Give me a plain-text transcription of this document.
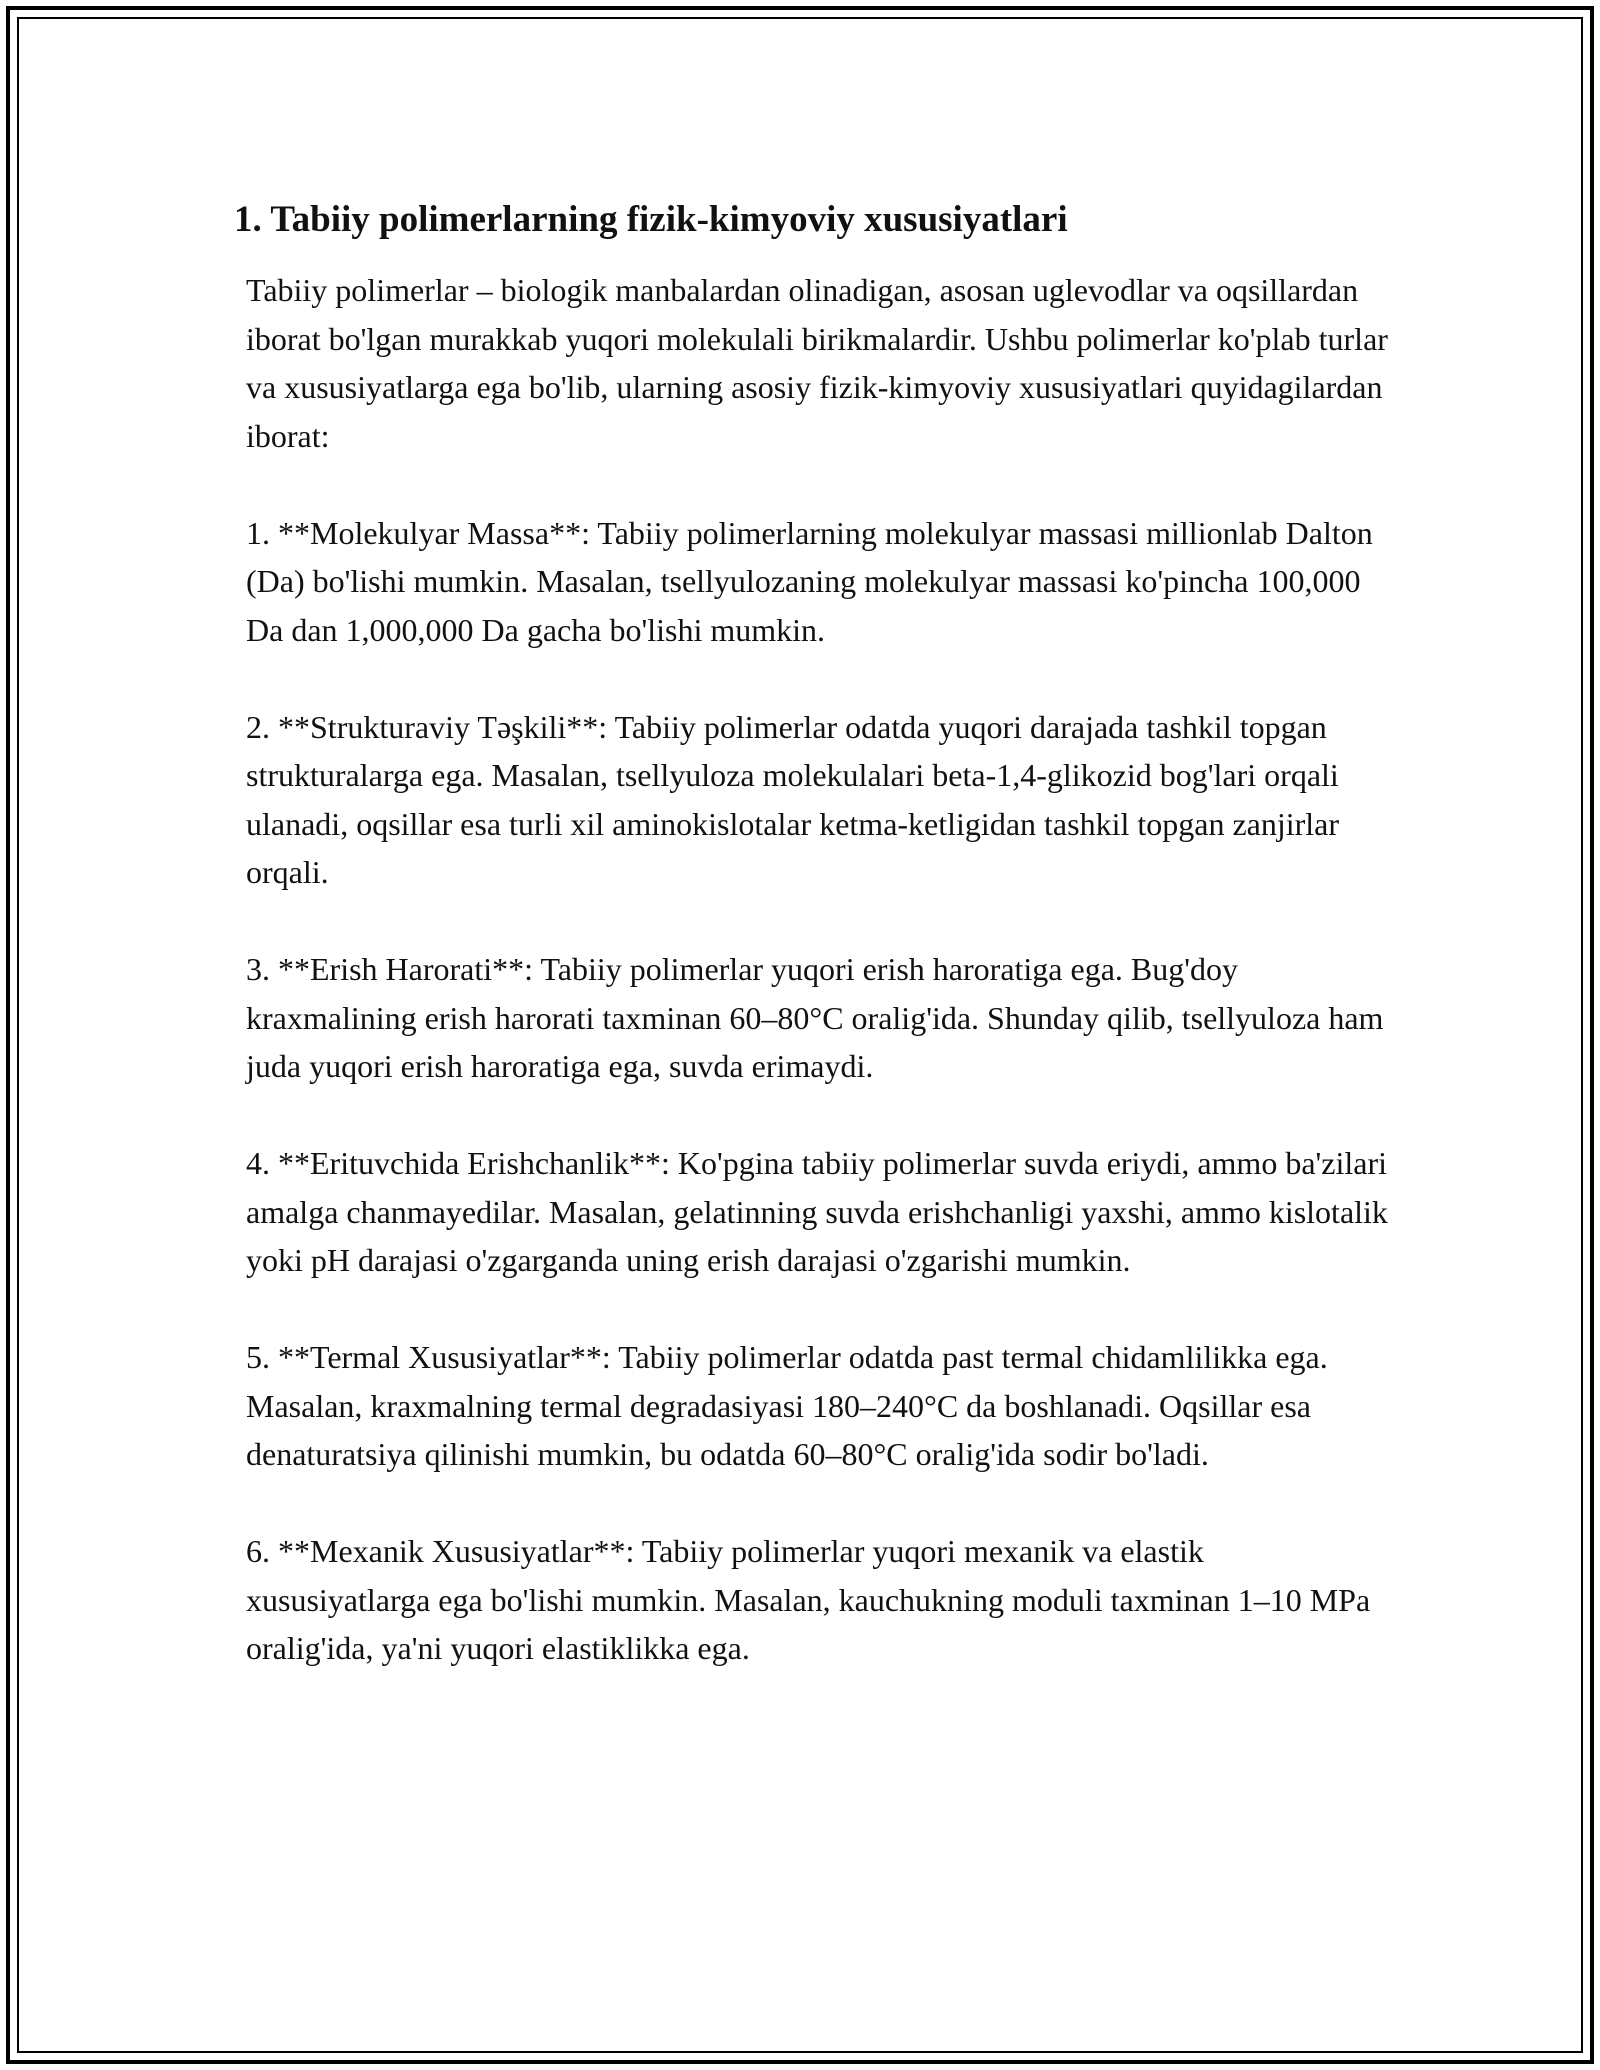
1. Tabiiy polimerlarning fizik-kimyoviy xususiyatlari

Tabiiy polimerlar – biologik manbalardan olinadigan, asosan uglevodlar va oqsillardan iborat bo'lgan murakkab yuqori molekulali birikmalardir. Ushbu polimerlar ko'plab turlar va xususiyatlarga ega bo'lib, ularning asosiy fizik-kimyoviy xususiyatlari quyidagilardan iborat:

1. **Molekulyar Massa**: Tabiiy polimerlarning molekulyar massasi millionlab Dalton (Da) bo'lishi mumkin. Masalan, tsellyulozaning molekulyar massasi ko'pincha 100,000 Da dan 1,000,000 Da gacha bo'lishi mumkin.

2. **Strukturaviy Təşkili**: Tabiiy polimerlar odatda yuqori darajada tashkil topgan strukturalarga ega. Masalan, tsellyuloza molekulalari beta-1,4-glikozid bog'lari orqali ulanadi, oqsillar esa turli xil aminokislotalar ketma-ketligidan tashkil topgan zanjirlar orqali.

3. **Erish Harorati**: Tabiiy polimerlar yuqori erish haroratiga ega. Bug'doy kraxmalining erish harorati taxminan 60–80°C oralig'ida. Shunday qilib, tsellyuloza ham juda yuqori erish haroratiga ega, suvda erimaydi.

4. **Erituvchida Erishchanlik**: Ko'pgina tabiiy polimerlar suvda eriydi, ammo ba'zilari amalga chanmayedilar. Masalan, gelatinning suvda erishchanligi yaxshi, ammo kislotalik yoki pH darajasi o'zgarganda uning erish darajasi o'zgarishi mumkin.

5. **Termal Xususiyatlar**: Tabiiy polimerlar odatda past termal chidamlilikka ega. Masalan, kraxmalning termal degradasiyasi 180–240°C da boshlanadi. Oqsillar esa denaturatsiya qilinishi mumkin, bu odatda 60–80°C oralig'ida sodir bo'ladi.

6. **Mexanik Xususiyatlar**: Tabiiy polimerlar yuqori mexanik va elastik xususiyatlarga ega bo'lishi mumkin. Masalan, kauchukning moduli taxminan 1–10 MPa oralig'ida, ya'ni yuqori elastiklikka ega.
